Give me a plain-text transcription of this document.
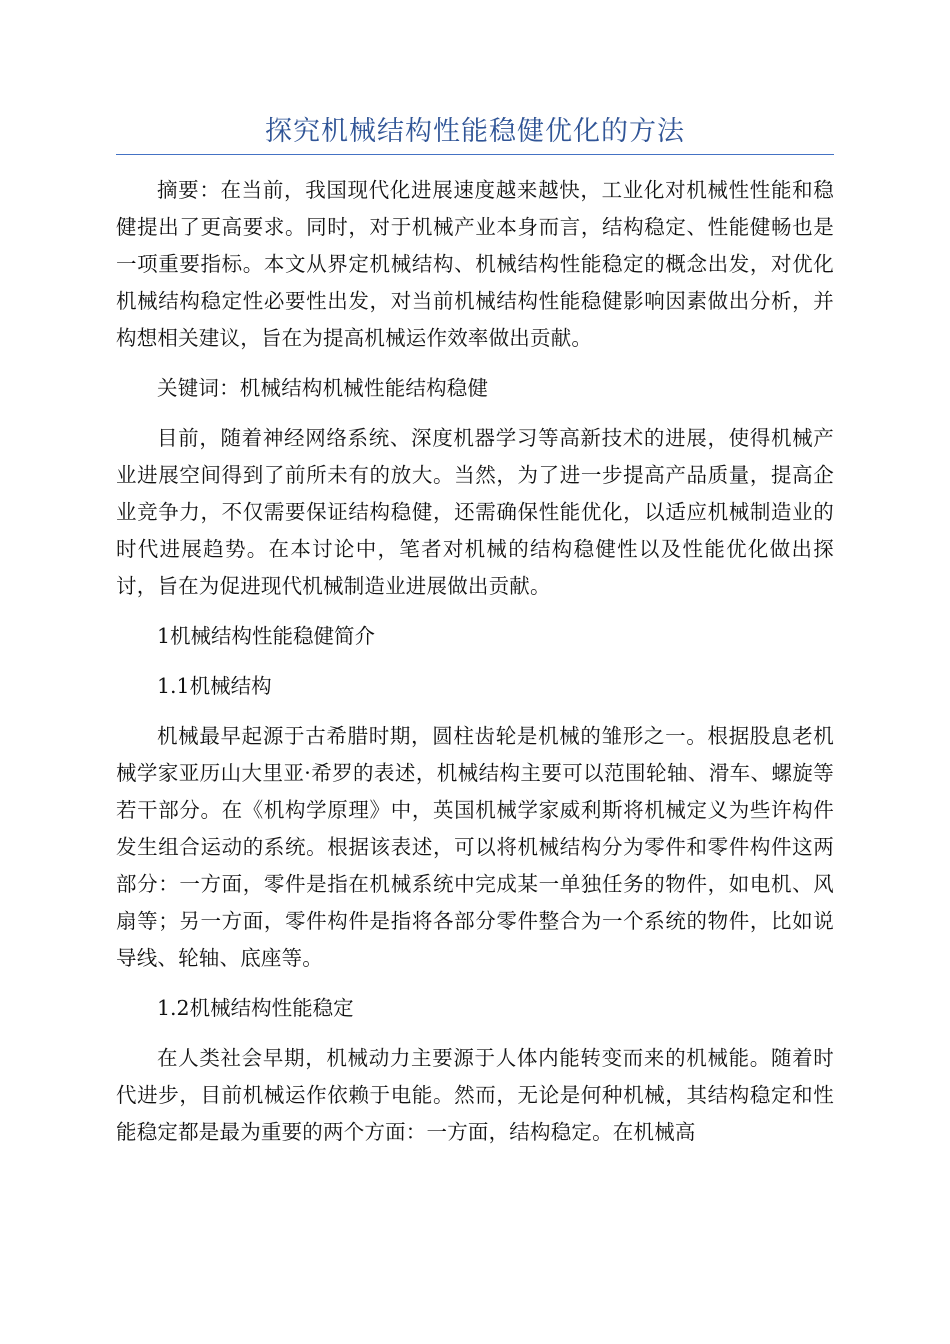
探究机械结构性能稳健优化的方法

摘要：在当前，我国现代化进展速度越来越快，工业化对机械性性能和稳健提出了更高要求。同时，对于机械产业本身而言，结构稳定、性能健畅也是一项重要指标。本文从界定机械结构、机械结构性能稳定的概念出发，对优化机械结构稳定性必要性出发，对当前机械结构性能稳健影响因素做出分析，并构想相关建议，旨在为提高机械运作效率做出贡献。

关键词：机械结构机械性能结构稳健

目前，随着神经网络系统、深度机器学习等高新技术的进展，使得机械产业进展空间得到了前所未有的放大。当然，为了进一步提高产品质量，提高企业竞争力，不仅需要保证结构稳健，还需确保性能优化，以适应机械制造业的时代进展趋势。在本讨论中，笔者对机械的结构稳健性以及性能优化做出探讨，旨在为促进现代机械制造业进展做出贡献。

1机械结构性能稳健简介

1.1机械结构

机械最早起源于古希腊时期，圆柱齿轮是机械的雏形之一。根据股息老机械学家亚历山大里亚·希罗的表述，机械结构主要可以范围轮轴、滑车、螺旋等若干部分。在《机构学原理》中，英国机械学家威利斯将机械定义为些许构件发生组合运动的系统。根据该表述，可以将机械结构分为零件和零件构件这两部分：一方面，零件是指在机械系统中完成某一单独任务的物件，如电机、风扇等；另一方面，零件构件是指将各部分零件整合为一个系统的物件，比如说导线、轮轴、底座等。

1.2机械结构性能稳定

在人类社会早期，机械动力主要源于人体内能转变而来的机械能。随着时代进步，目前机械运作依赖于电能。然而，无论是何种机械，其结构稳定和性能稳定都是最为重要的两个方面：一方面，结构稳定。在机械高
